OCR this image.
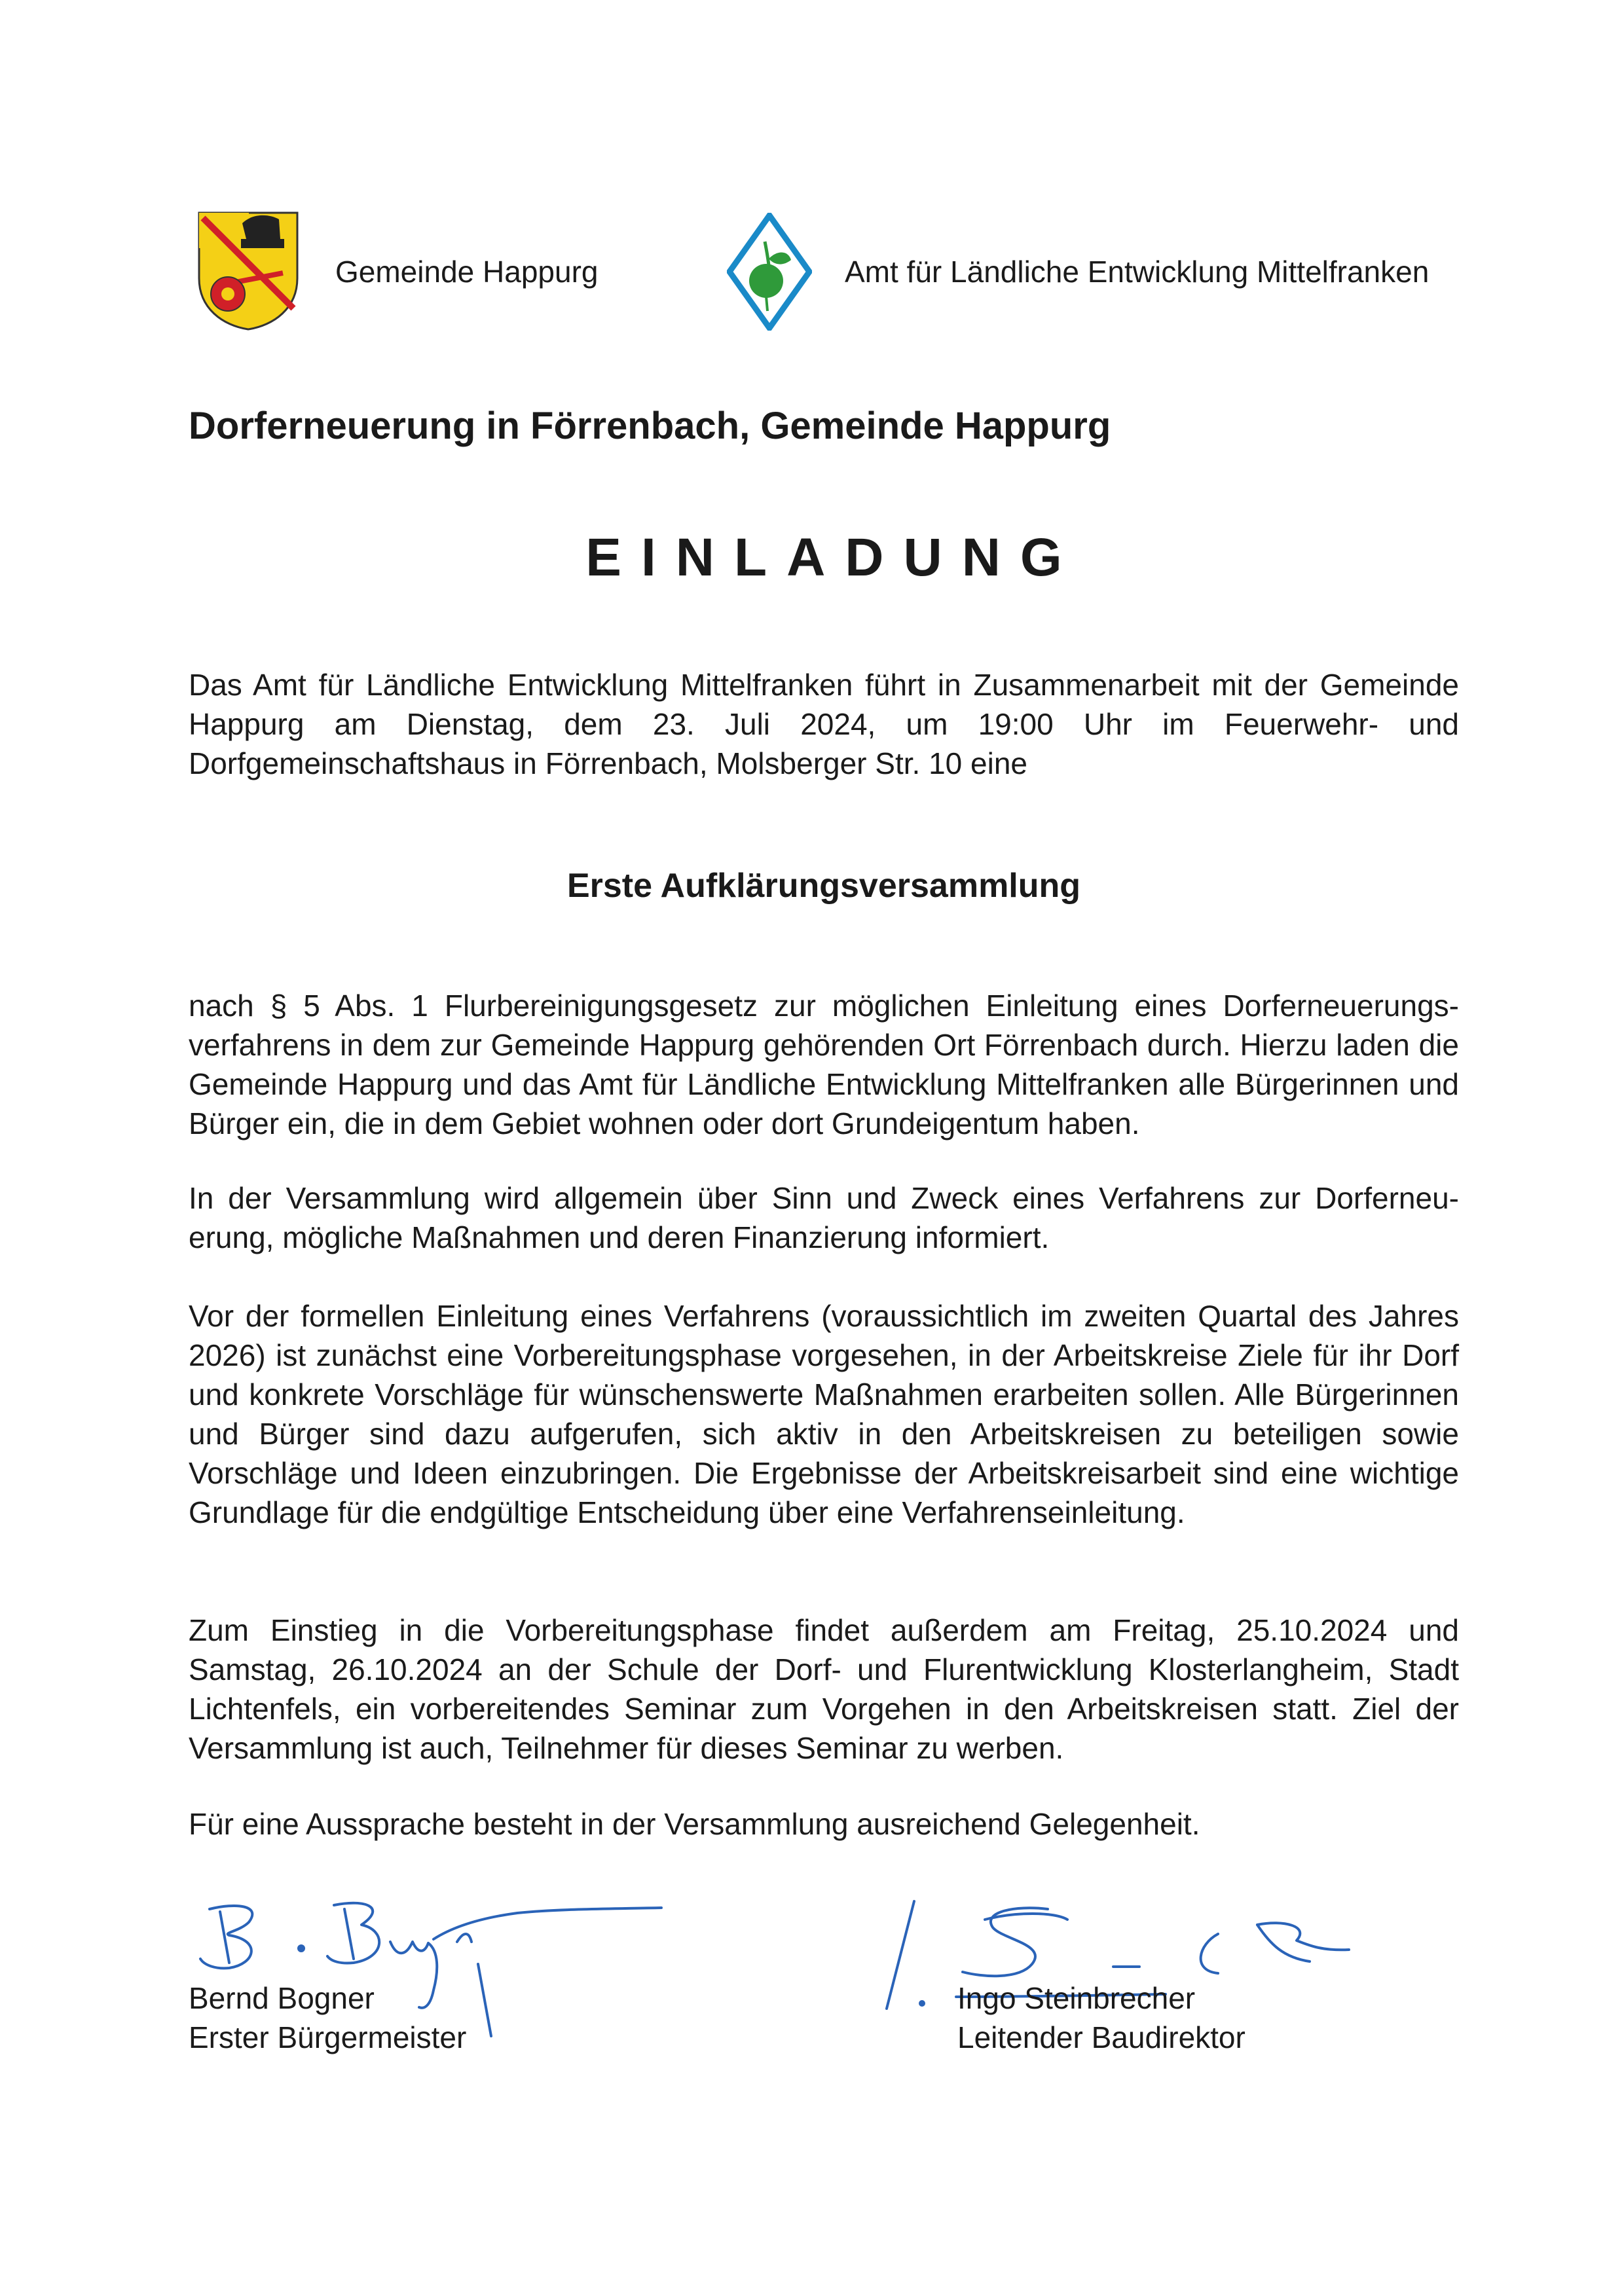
Gemeinde Happurg	Amt für Ländliche Entwicklung Mittelfranken
Dorferneuerung in Förrenbach, Gemeinde Happurg
EINLADUNG

Das Amt für Ländliche Entwicklung Mittelfranken führt in Zusammenarbeit mit der Gemeinde Happurg am Dienstag, dem 23. Juli 2024, um 19:00 Uhr im Feuerwehr- und Dorfgemeinschaftshaus in Förrenbach, Molsberger Str. 10 eine

Erste Aufklärungsversammlung

nach § 5 Abs. 1 Flurbereinigungsgesetz zur möglichen Einleitung eines Dorferneuerungsverfahrens in dem zur Gemeinde Happurg gehörenden Ort Förrenbach durch. Hierzu laden die Gemeinde Happurg und das Amt für Ländliche Entwicklung Mittelfranken alle Bürgerinnen und Bürger ein, die in dem Gebiet wohnen oder dort Grundeigentum haben.

In der Versammlung wird allgemein über Sinn und Zweck eines Verfahrens zur Dorferneuerung, mögliche Maßnahmen und deren Finanzierung informiert.

Vor der formellen Einleitung eines Verfahrens (voraussichtlich im zweiten Quartal des Jahres 2026) ist zunächst eine Vorbereitungsphase vorgesehen, in der Arbeitskreise Ziele für ihr Dorf und konkrete Vorschläge für wünschenswerte Maßnahmen erarbeiten sollen. Alle Bürgerinnen und Bürger sind dazu aufgerufen, sich aktiv in den Arbeitskreisen zu beteiligen sowie Vorschläge und Ideen einzubringen. Die Ergebnisse der Arbeitskreisarbeit sind eine wichtige Grundlage für die endgültige Entscheidung über eine Verfahrenseinleitung.

Zum Einstieg in die Vorbereitungsphase findet außerdem am Freitag, 25.10.2024 und Samstag, 26.10.2024 an der Schule der Dorf- und Flurentwicklung Klosterlangheim, Stadt Lichtenfels, ein vorbereitendes Seminar zum Vorgehen in den Arbeitskreisen statt. Ziel der Versammlung ist auch, Teilnehmer für dieses Seminar zu werben.

Für eine Aussprache besteht in der Versammlung ausreichend Gelegenheit.

Bernd Bogner
Erster Bürgermeister
Ingo Steinbrecher
Leitender Baudirektor
